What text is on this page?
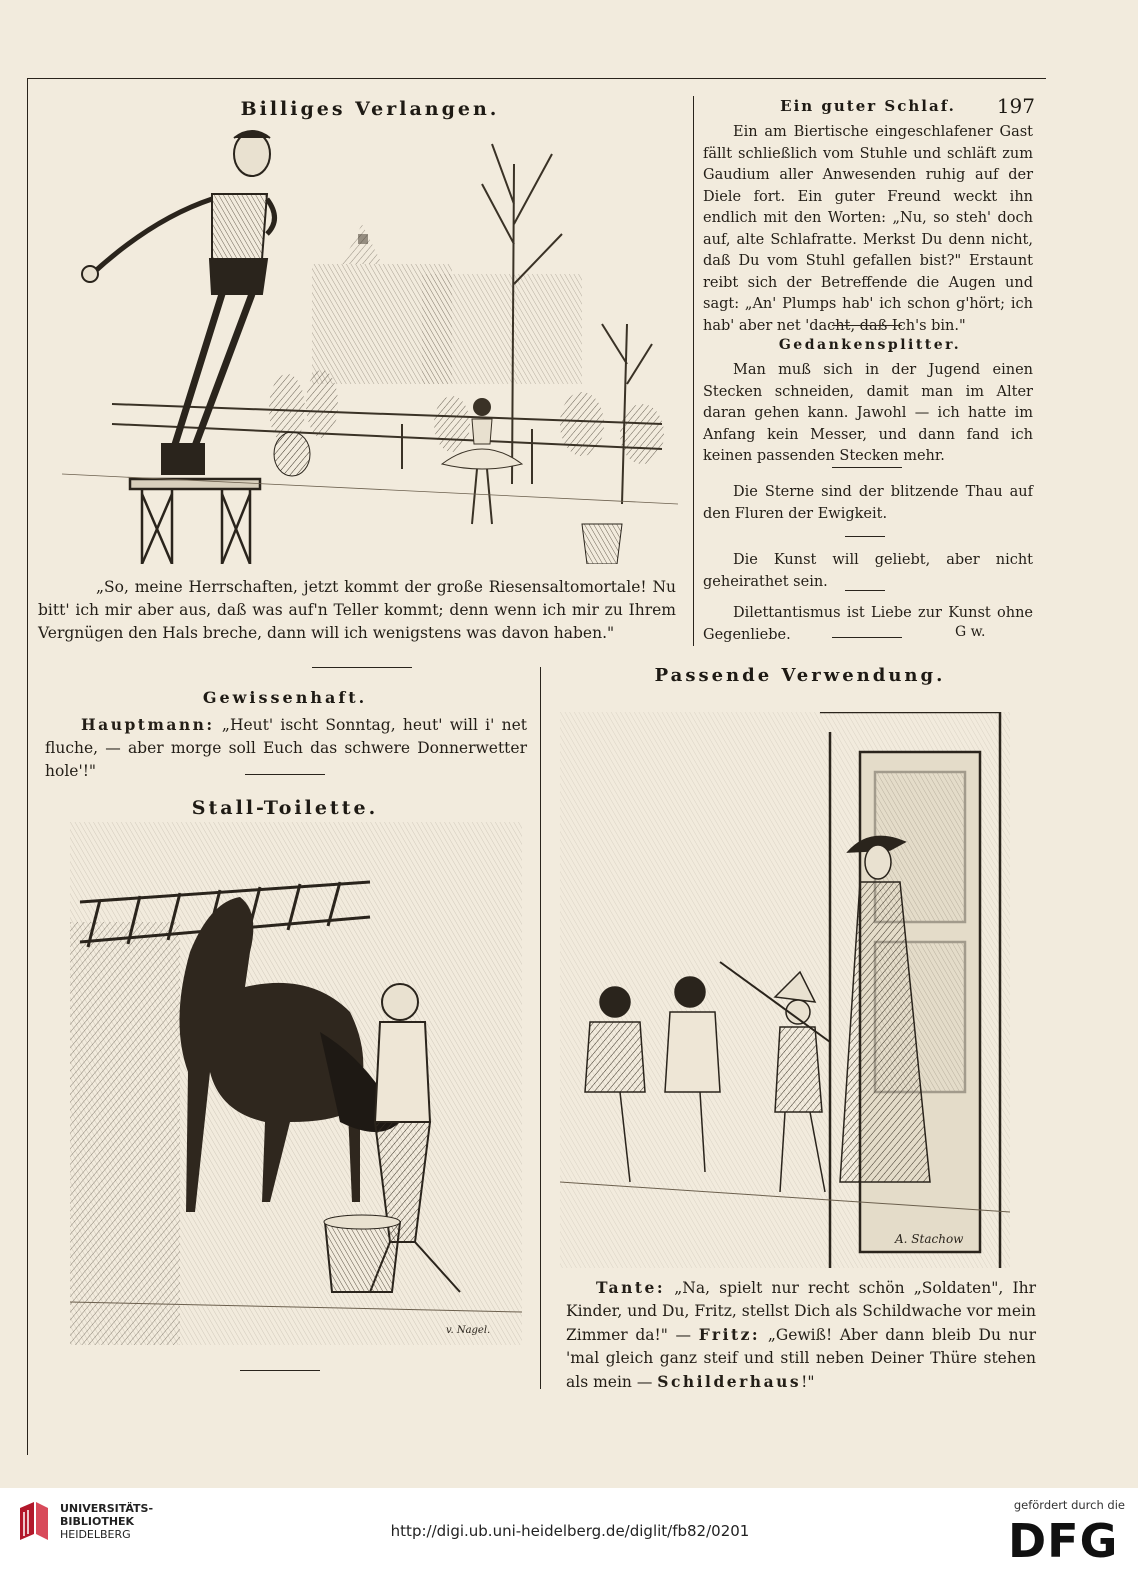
Billiges Verlangen.
„So, meine Herrschaften, jetzt kommt der große Riesensaltomortale! Nu bitt' ich mir aber aus, daß was auf'n Teller kommt; denn wenn ich mir zu Ihrem Vergnügen den Hals breche, dann will ich wenigstens was davon haben."
Gewissenhaft.
Hauptmann: „Heut' ischt Sonntag, heut' will i' net fluche, — aber morge soll Euch das schwere Donnerwetter hole'!"
Stall-Toilette.
v. Nagel.
Ein guter Schlaf.	197
Ein am Biertische eingeschlafener Gast fällt schließlich vom Stuhle und schläft zum Gaudium aller Anwesenden ruhig auf der Diele fort. Ein guter Freund weckt ihn endlich mit den Worten: „Nu, so steh' doch auf, alte Schlafratte. Merkst Du denn nicht, daß Du vom Stuhl gefallen bist?" Erstaunt reibt sich der Betreffende die Augen und sagt: „An' Plumps hab' ich schon g'hört; ich hab' aber net 'dacht, daß Ich's bin."
Gedankensplitter.
Man muß sich in der Jugend einen Stecken schneiden, damit man im Alter daran gehen kann. Jawohl — ich hatte im Anfang kein Messer, und dann fand ich keinen passenden Stecken mehr.
Die Sterne sind der blitzende Thau auf den Fluren der Ewigkeit.
Die Kunst will geliebt, aber nicht geheirathet sein.
Dilettantismus ist Liebe zur Kunst ohne Gegenliebe.	G w.
Passende Verwendung.
A. Stachow
Tante: „Na, spielt nur recht schön „Soldaten", Ihr Kinder, und Du, Fritz, stellst Dich als Schildwache vor mein Zimmer da!" — Fritz: „Gewiß! Aber dann bleib Du nur 'mal gleich ganz steif und still neben Deiner Thüre stehen als mein — Schilderhaus!"
UNIVERSITÄTS-
BIBLIOTHEK
HEIDELBERG	http://digi.ub.uni-heidelberg.de/diglit/fb82/0201
gefördert durch die
DFG
